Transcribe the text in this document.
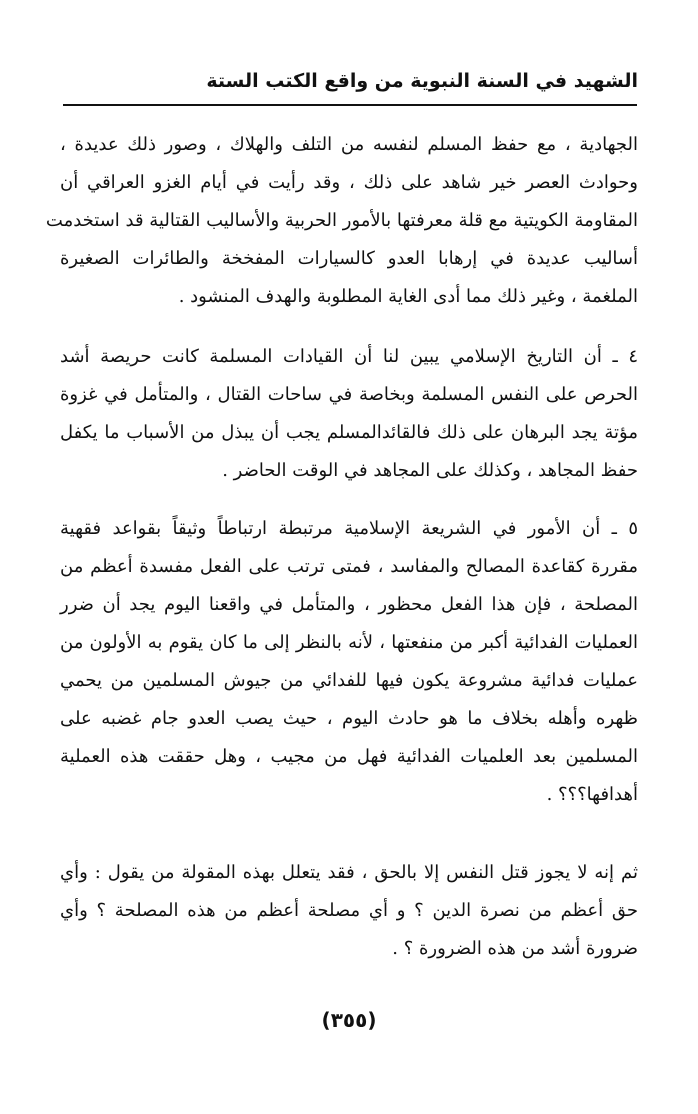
الشهيد في السنة النبوية من واقع الكتب الستة
الجهادية ، مع حفظ المسلم لنفسه من التلف والهلاك ، وصور ذلك عديدة ،
وحوادث العصر خير شاهد على ذلك ، وقد رأيت في أيام الغزو العراقي أن
المقاومة الكويتية مع قلة معرفتها بالأمور الحربية والأساليب القتالية قد استخدمت
أساليب عديدة في إرهابا العدو كالسيارات المفخخة والطائرات الصغيرة
الملغمة ، وغير ذلك مما أدى الغاية المطلوبة والهدف المنشود .
٤ ـ أن التاريخ الإسلامي يبين لنا أن القيادات المسلمة كانت حريصة أشد
الحرص على النفس المسلمة وبخاصة في ساحات القتال ، والمتأمل في غزوة
مؤتة يجد البرهان على ذلك فالقائدالمسلم يجب أن يبذل من الأسباب ما يكفل
حفظ المجاهد ، وكذلك على المجاهد في الوقت الحاضر .
٥ ـ أن الأمور في الشريعة الإسلامية مرتبطة ارتباطاً وثيقاً بقواعد فقهية
مقررة كقاعدة المصالح والمفاسد ، فمتى ترتب على الفعل مفسدة أعظم من
المصلحة ، فإن هذا الفعل محظور ، والمتأمل في واقعنا اليوم يجد أن ضرر
العمليات الفدائية أكبر من منفعتها ، لأنه بالنظر إلى ما كان يقوم به الأولون من
عمليات فدائية مشروعة يكون فيها للفدائي من جيوش المسلمين من يحمي
ظهره وأهله بخلاف ما هو حادث اليوم ، حيث يصب العدو جام غضبه على
المسلمين بعد العلميات الفدائية فهل من مجيب ، وهل حققت هذه العملية
أهدافها؟؟؟ .
ثم إنه لا يجوز قتل النفس إلا بالحق ، فقد يتعلل بهذه المقولة من يقول : وأي
حق أعظم من نصرة الدين ؟ و أي مصلحة أعظم من هذه المصلحة ؟ وأي
ضرورة أشد من هذه الضرورة ؟ .
(٣٥٥)
